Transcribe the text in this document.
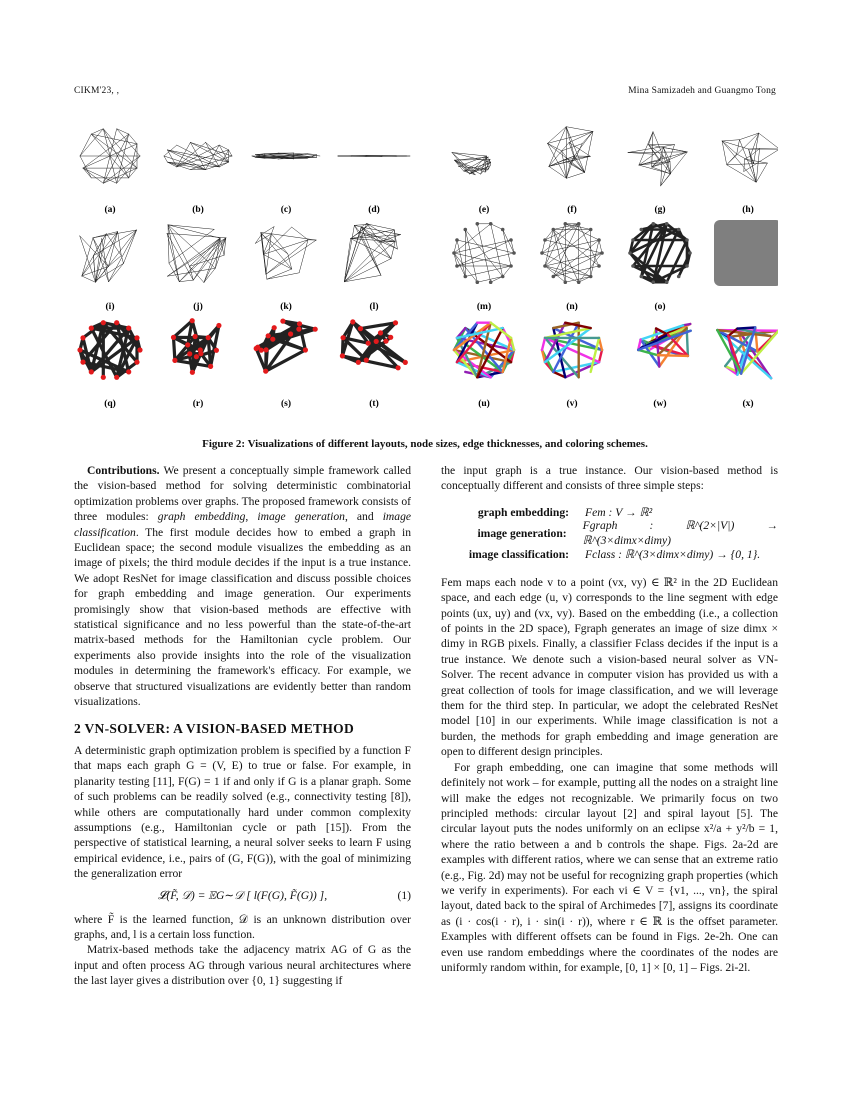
CIKM'23, ,	Mina Samizadeh and Guangmo Tong
(a)	(b)	(c)	(d)	(e)	(f)	(g)	(h)
(i)	(j)	(k)	(l)	(m)	(n)	(o)
(q)	(r)	(s)	(t)	(u)	(v)	(w)	(x)
Figure 2: Visualizations of different layouts, node sizes, edge thicknesses, and coloring schemes.

Contributions. We present a conceptually simple framework called the vision-based method for solving deterministic combinatorial optimization problems over graphs. The proposed framework consists of three modules: graph embedding, image generation, and image classification. The first module decides how to embed a graph in Euclidean space; the second module visualizes the embedding as an image of pixels; the third module decides if the input is a true instance. We adopt ResNet for image classification and discuss possible choices for graph embedding and image generation. Our experiments promisingly show that vision-based methods are effective with statistical significance and no less powerful than the state-of-the-art matrix-based methods for the Hamiltonian cycle problem. Our experiments also provide insights into the role of the visualization modules in determining the framework's efficacy. For example, we observe that structured visualizations are evidently better than random visualizations.

2 VN-SOLVER: A VISION-BASED METHOD

A deterministic graph optimization problem is specified by a function F that maps each graph G = (V, E) to true or false. For example, in planarity testing [11], F(G) = 1 if and only if G is a planar graph. Some of such problems can be readily solved (e.g., connectivity testing [8]), while others are computationally hard under common complexity assumptions (e.g., Hamiltonian cycle or path [15]). From the perspective of statistical learning, a neural solver seeks to learn F using empirical evidence, i.e., pairs of (G, F(G)), with the goal of minimizing the generalization error

𝓛(F̃, 𝒟) = 𝔼G∼𝒟 [ l(F(G), F̃(G)) ],	(1)

where F̃ is the learned function, 𝒟 is an unknown distribution over graphs, and, l is a certain loss function.

Matrix-based methods take the adjacency matrix AG of G as the input and often process AG through various neural architectures where the last layer gives a distribution over {0, 1} suggesting if

the input graph is a true instance. Our vision-based method is conceptually different and consists of three simple steps:

graph embedding:	Fem : V → ℝ²
image generation:
Fgraph : ℝ^(2×|V|) → ℝ^(3×dimx×dimy)
image classification:	Fclass : ℝ^(3×dimx×dimy) → {0, 1}.

Fem maps each node v to a point (vx, vy) ∈ ℝ² in the 2D Euclidean space, and each edge (u, v) corresponds to the line segment with edge points (ux, uy) and (vx, vy). Based on the embedding (i.e., a collection of points in the 2D space), Fgraph generates an image of size dimx × dimy in RGB pixels. Finally, a classifier Fclass decides if the input is a true instance. We denote such a vision-based neural solver as VN-Solver. The recent advance in computer vision has provided us with a great collection of tools for image classification, and we will leverage them for the third step. In particular, we adopt the celebrated ResNet model [10] in our experiments. While image classification is not a burden, the methods for graph embedding and image generation are open to different design principles.

For graph embedding, one can imagine that some methods will definitely not work – for example, putting all the nodes on a straight line will make the edges not recognizable. We primarily focus on two principled methods: circular layout [2] and spiral layout [5]. The circular layout puts the nodes uniformly on an eclipse x²/a + y²/b = 1, where the ratio between a and b controls the shape. Figs. 2a-2d are examples with different ratios, where we can sense that an extreme ratio (e.g., Fig. 2d) may not be useful for recognizing graph properties (which we verify in experiments). For each vi ∈ V = {v1, ..., vn}, the spiral layout, dated back to the spiral of Archimedes [7], assigns its coordinate as (i · cos(i · r), i · sin(i · r)), where r ∈ ℝ is the offset parameter. Examples with different offsets can be found in Figs. 2e-2h. One can even use random embeddings where the coordinates of the nodes are uniformly random within, for example, [0, 1] × [0, 1] – Figs. 2i-2l.
